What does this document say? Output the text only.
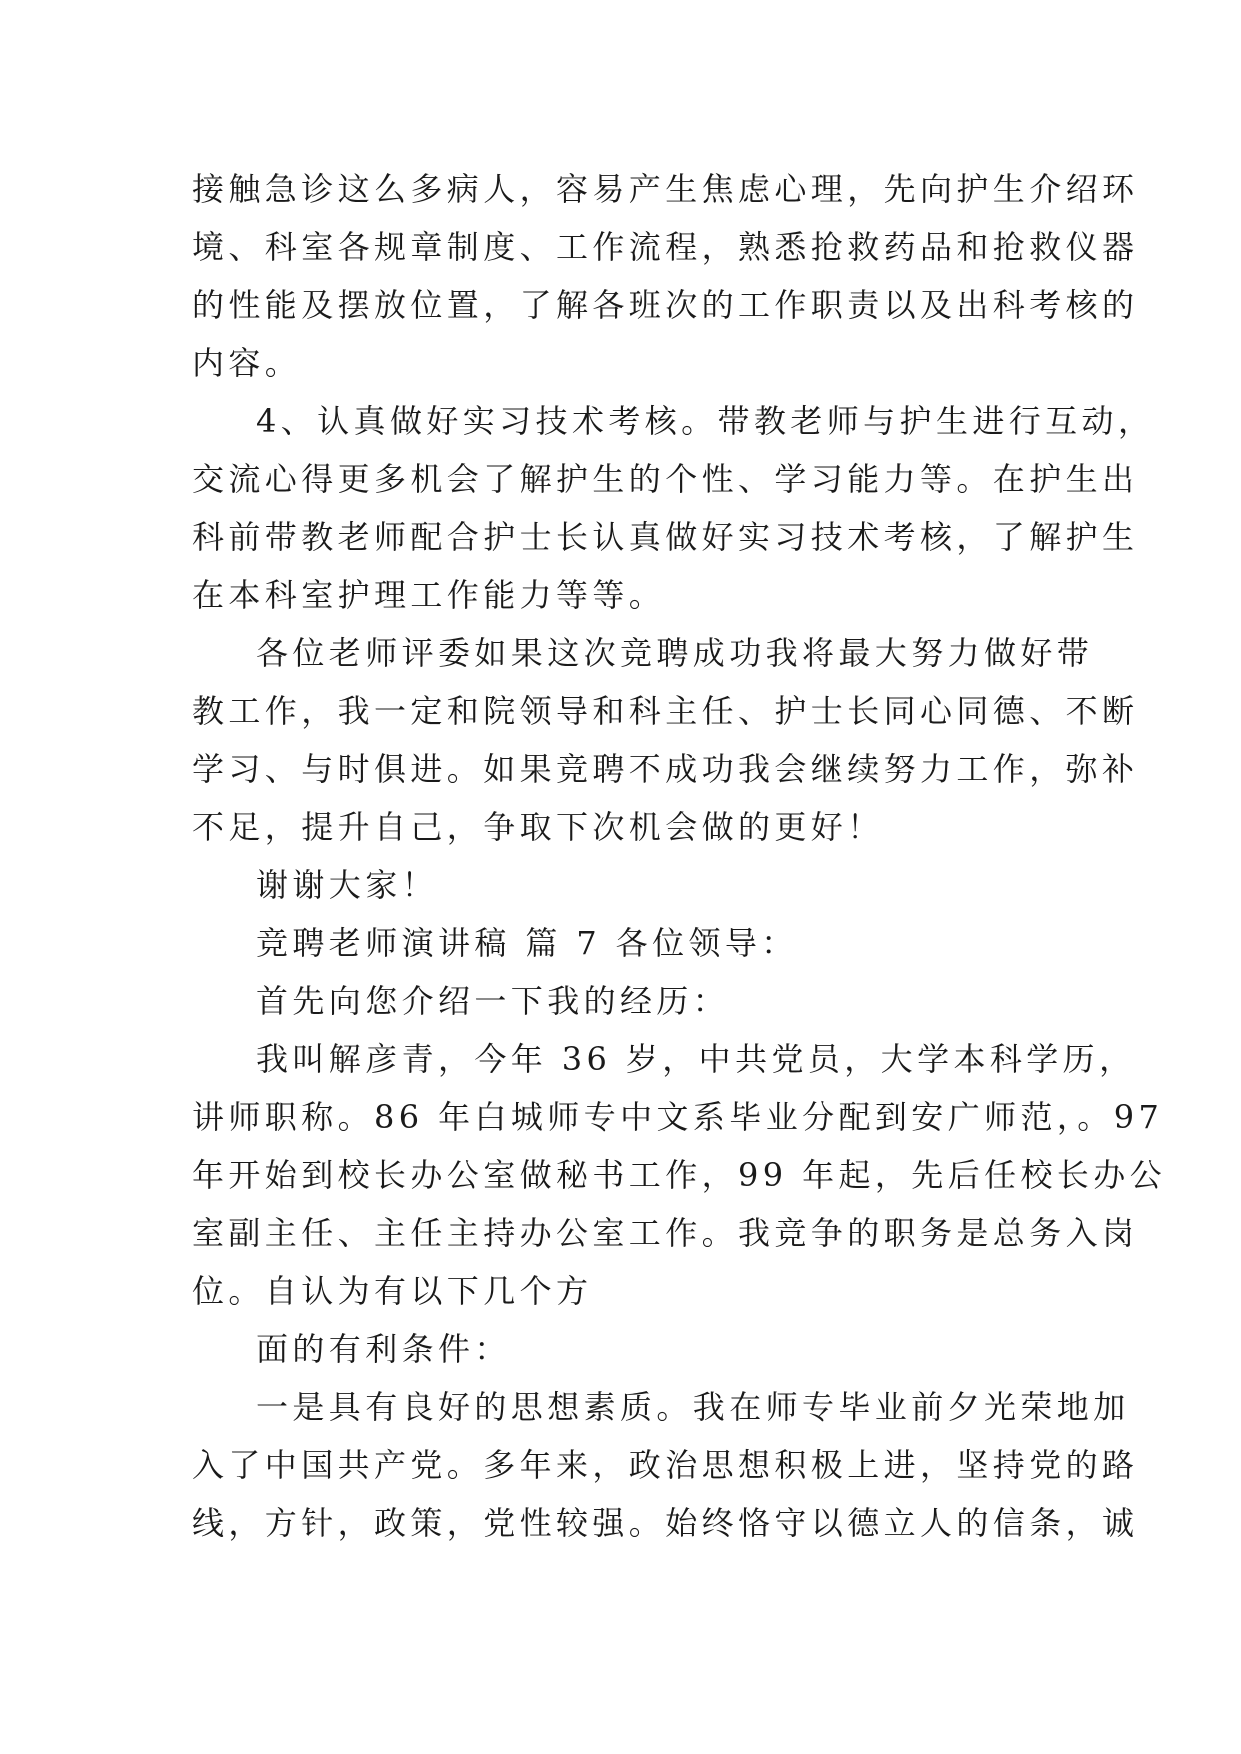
接触急诊这么多病人，容易产生焦虑心理，先向护生介绍环
境、科室各规章制度、工作流程，熟悉抢救药品和抢救仪器
的性能及摆放位置，了解各班次的工作职责以及出科考核的
内容。
4、认真做好实习技术考核。带教老师与护生进行互动，
交流心得更多机会了解护生的个性、学习能力等。在护生出
科前带教老师配合护士长认真做好实习技术考核，了解护生
在本科室护理工作能力等等。
各位老师评委如果这次竞聘成功我将最大努力做好带
教工作，我一定和院领导和科主任、护士长同心同德、不断
学习、与时俱进。如果竞聘不成功我会继续努力工作，弥补
不足，提升自己，争取下次机会做的更好！
谢谢大家！
竞聘老师演讲稿 篇 7 各位领导：
首先向您介绍一下我的经历：
我叫解彦青，今年 36 岁，中共党员，大学本科学历，
讲师职称。86 年白城师专中文系毕业分配到安广师范，。97
年开始到校长办公室做秘书工作，99 年起，先后任校长办公
室副主任、主任主持办公室工作。我竞争的职务是总务入岗
位。自认为有以下几个方
面的有利条件：
一是具有良好的思想素质。我在师专毕业前夕光荣地加
入了中国共产党。多年来，政治思想积极上进，坚持党的路
线，方针，政策，党性较强。始终恪守以德立人的信条，诚
